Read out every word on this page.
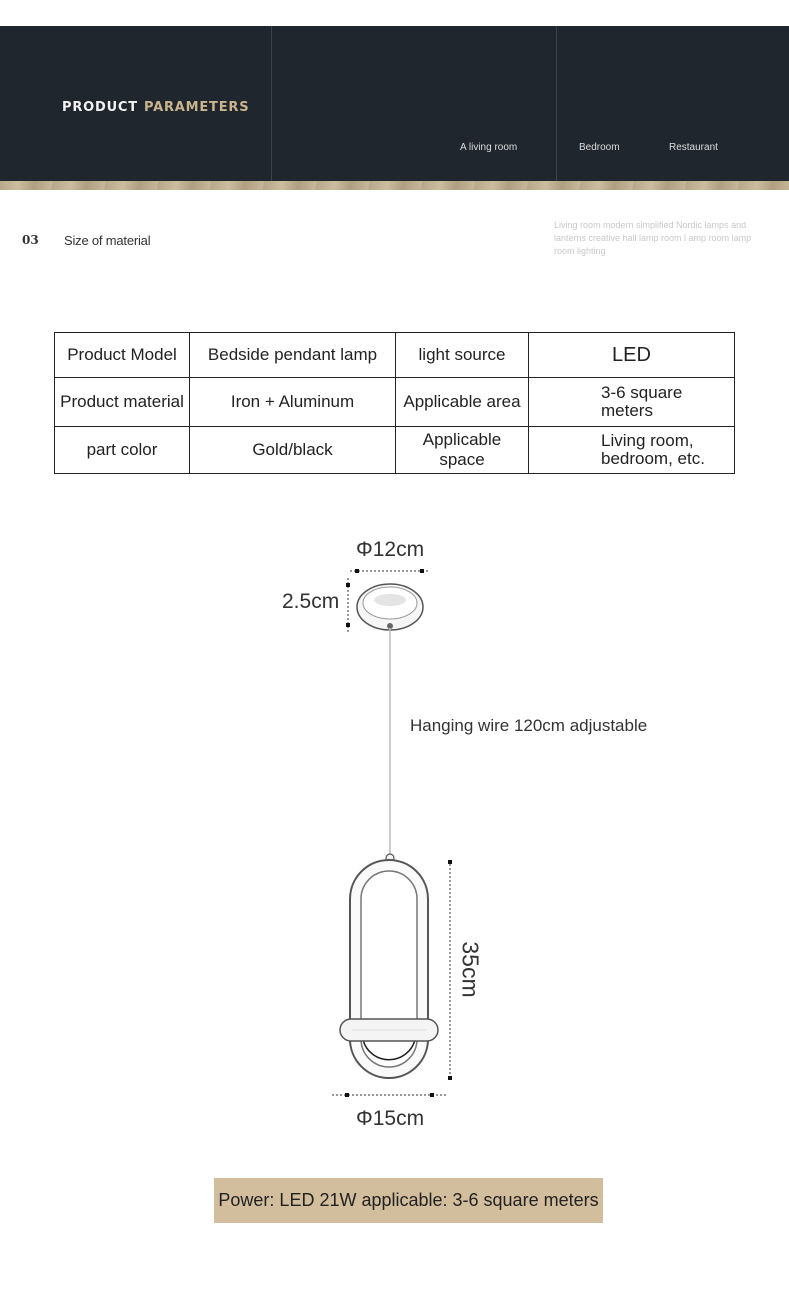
PRODUCT PARAMETERS
A living room	Bedroom	Restaurant
03 Size of material
Living room modern simplified Nordic lamps and lanterns creative hall lamp room l amp room lamp room lighting
Product Model	Bedside pendant lamp	light source	LED
Product material	Iron + Aluminum	Applicable area	3-6 square meters
part color	Gold/black	Applicable space	Living room, bedroom, etc.
Φ12cm
2.5cm
Hanging wire 120cm adjustable
35cm
Φ15cm
Power: LED 21W applicable: 3-6 square meters
